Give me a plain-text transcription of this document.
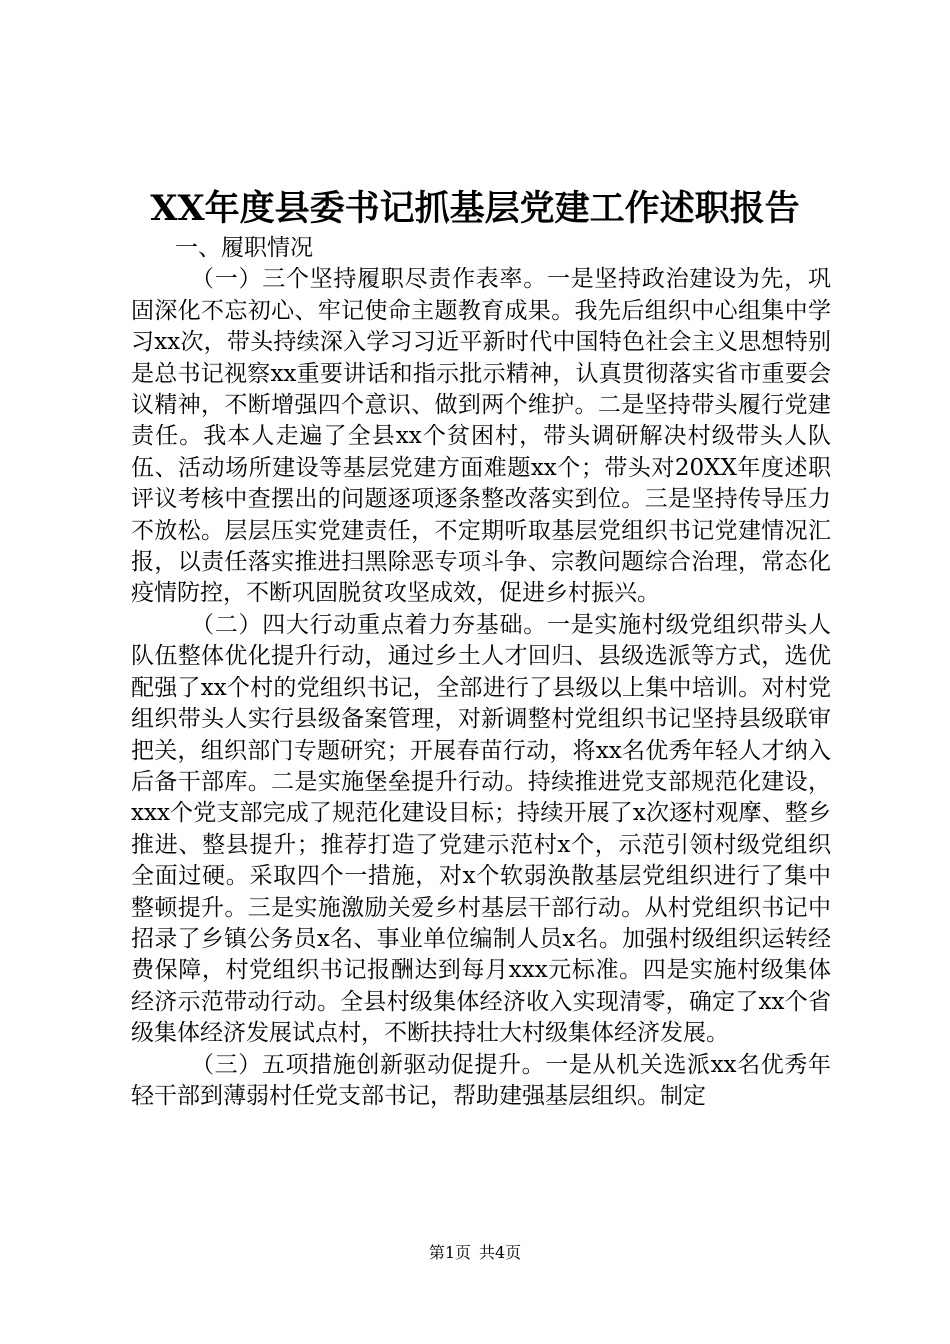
XX年度县委书记抓基层党建工作述职报告

一、履职情况

（一）三个坚持履职尽责作表率。一是坚持政治建设为先，巩固深化不忘初心、牢记使命主题教育成果。我先后组织中心组集中学习xx次，带头持续深入学习习近平新时代中国特色社会主义思想特别是总书记视察xx重要讲话和指示批示精神，认真贯彻落实省市重要会议精神，不断增强四个意识、做到两个维护。二是坚持带头履行党建责任。我本人走遍了全县xx个贫困村，带头调研解决村级带头人队伍、活动场所建设等基层党建方面难题xx个；带头对20XX年度述职评议考核中查摆出的问题逐项逐条整改落实到位。三是坚持传导压力不放松。层层压实党建责任，不定期听取基层党组织书记党建情况汇报，以责任落实推进扫黑除恶专项斗争、宗教问题综合治理，常态化疫情防控，不断巩固脱贫攻坚成效，促进乡村振兴。

（二）四大行动重点着力夯基础。一是实施村级党组织带头人队伍整体优化提升行动，通过乡土人才回归、县级选派等方式，选优配强了xx个村的党组织书记，全部进行了县级以上集中培训。对村党组织带头人实行县级备案管理，对新调整村党组织书记坚持县级联审把关，组织部门专题研究；开展春苗行动，将xx名优秀年轻人才纳入后备干部库。二是实施堡垒提升行动。持续推进党支部规范化建设，xxx个党支部完成了规范化建设目标；持续开展了x次逐村观摩、整乡推进、整县提升；推荐打造了党建示范村x个，示范引领村级党组织全面过硬。采取四个一措施，对x个软弱涣散基层党组织进行了集中整顿提升。三是实施激励关爱乡村基层干部行动。从村党组织书记中招录了乡镇公务员x名、事业单位编制人员x名。加强村级组织运转经费保障，村党组织书记报酬达到每月xxx元标准。四是实施村级集体经济示范带动行动。全县村级集体经济收入实现清零，确定了xx个省级集体经济发展试点村，不断扶持壮大村级集体经济发展。

（三）五项措施创新驱动促提升。一是从机关选派xx名优秀年轻干部到薄弱村任党支部书记，帮助建强基层组织。制定

第1页 共4页
